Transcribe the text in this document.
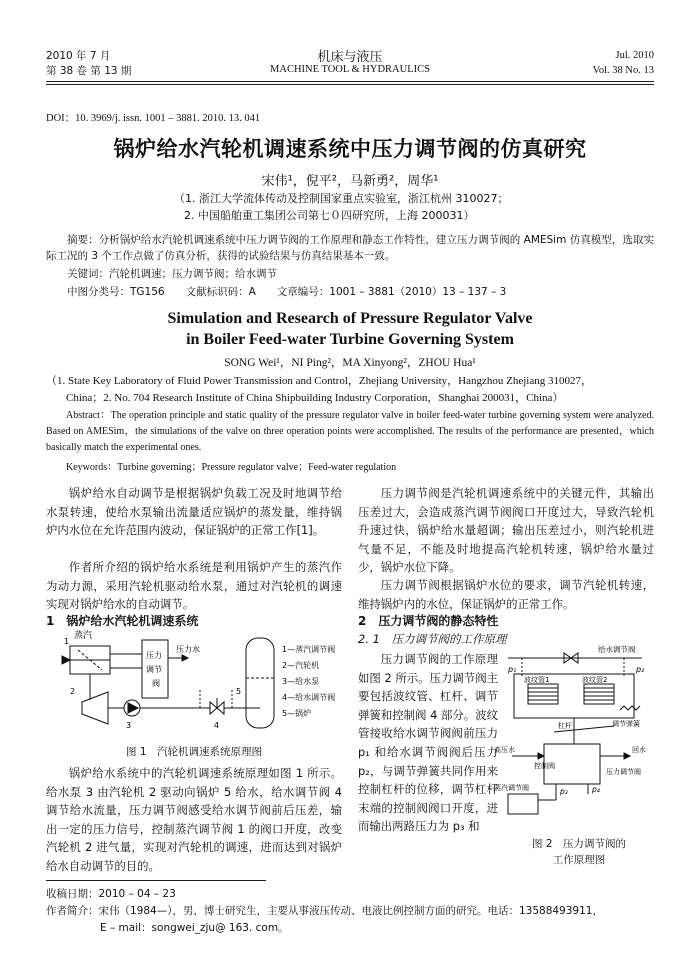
2010 年 7 月
第 38 卷 第 13 期
机床与液压
MACHINE TOOL & HYDRAULICS
Jul. 2010
Vol. 38 No. 13
DOI：10. 3969/j. issn. 1001 – 3881. 2010. 13. 041
锅炉给水汽轮机调速系统中压力调节阀的仿真研究
宋伟¹，倪平²，马新勇²，周华¹
（1. 浙江大学流体传动及控制国家重点实验室，浙江杭州 310027；
2. 中国船舶重工集团公司第七０四研究所，上海 200031）
摘要：分析锅炉给水汽轮机调速系统中压力调节阀的工作原理和静态工作特性，建立压力调节阀的 AMESim 仿真模型，选取实际工况的 3 个工作点做了仿真分析，获得的试验结果与仿真结果基本一致。
关键词：汽轮机调速；压力调节阀；给水调节
中图分类号：TG156　　文献标识码：A　　文章编号：1001 – 3881（2010）13 – 137 – 3
Simulation and Research of Pressure Regulator Valve
in Boiler Feed-water Turbine Governing System
SONG Wei¹，NI Ping²，MA Xinyong²，ZHOU Hua¹
（1. State Key Laboratory of Fluid Power Transmission and Control，Zhejiang University，Hangzhou Zhejiang 310027，
China；2. No. 704 Research Institute of China Shipbuilding Industry Corporation，Shanghai 200031，China）
Abstract：The operation principle and static quality of the pressure regulator valve in boiler feed-water turbine governing system were analyzed. Based on AMESim，the simulations of the valve on three operation points were accomplished. The results of the performance are presented，which basically match the experimental ones.
Keywords：Turbine governing；Pressure regulator valve；Feed-water regulation
锅炉给水自动调节是根据锅炉负载工况及时地调节给水泵转速，使给水泵输出流量适应锅炉的蒸发量，维持锅炉内水位在允许范围内波动，保证锅炉的正常工作[1]。
作者所介绍的锅炉给水系统是利用锅炉产生的蒸汽作为动力源，采用汽轮机驱动给水泵，通过对汽轮机的调速实现对锅炉给水的自动调节。
1　锅炉给水汽轮机调速系统
蒸汽
压力
调节
阀
压力水
1
2
3	4
5
1—蒸汽调节阀
2—汽轮机
3—给水泵
4—给水调节阀
5—锅炉
图 1　汽轮机调速系统原理图
锅炉给水系统中的汽轮机调速系统原理如图 1 所示。给水泵 3 由汽轮机 2 驱动向锅炉 5 给水，给水调节阀 4 调节给水流量，压力调节阀感受给水调节阀前后压差，输出一定的压力信号，控制蒸汽调节阀 1 的阀口开度，改变汽轮机 2 进气量，实现对汽轮机的调速，进而达到对锅炉给水自动调节的目的。
压力调节阀是汽轮机调速系统中的关键元件，其输出压差过大，会造成蒸汽调节阀阀口开度过大，导致汽轮机升速过快，锅炉给水量超调；输出压差过小，则汽轮机进气量不足，不能及时地提高汽轮机转速，锅炉给水量过少，锅炉水位下降。
压力调节阀根据锅炉水位的要求，调节汽轮机转速，维持锅炉内的水位，保证锅炉的正常工作。
2　压力调节阀的静态特性
2. 1　压力调节阀的工作原理
压力调节阀的工作原理如图 2 所示。压力调节阀主要包括波纹管、杠杆、调节弹簧和控制阀 4 部分。波纹管接收给水调节阀阀前压力 p₁ 和给水调节阀阀后压力 p₂，与调节弹簧共同作用来控制杠杆的位移，调节杠杆末端的控制阀阀口开度，进而输出两路压力为 p₃ 和
给水调节阀
p₁	p₂
波纹管1	波纹管2
调节弹簧
杠杆
高压水	回水
控制阀
p₃	p₄
压力调节阀
蒸汽调节阀
图 2　压力调节阀的
工作原理图
收稿日期：2010 – 04 – 23
作者简介：宋伟（1984—），男，博士研究生，主要从事液压传动、电液比例控制方面的研究。电话：13588493911，
E – mail：songwei_zju@ 163. com。
